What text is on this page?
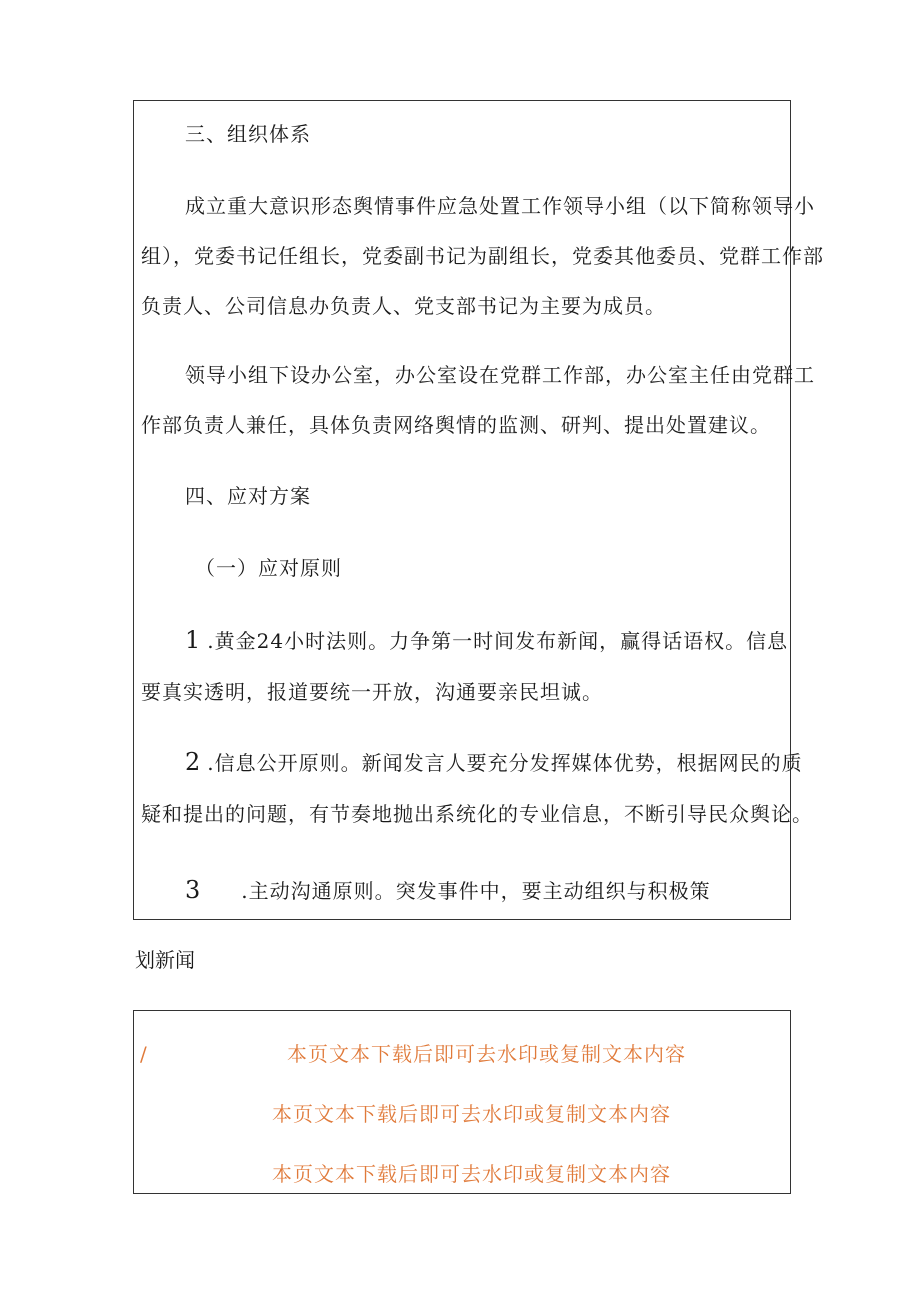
三、组织体系
成立重大意识形态舆情事件应急处置工作领导小组（以下简称领导小
组），党委书记任组长，党委副书记为副组长，党委其他委员、党群工作部
负责人、公司信息办负责人、党支部书记为主要为成员。
领导小组下设办公室，办公室设在党群工作部，办公室主任由党群工
作部负责人兼任，具体负责网络舆情的监测、研判、提出处置建议。
四、应对方案
（一）应对原则
1 .黄金24小时法则。力争第一时间发布新闻，赢得话语权。信息
要真实透明，报道要统一开放，沟通要亲民坦诚。
2 .信息公开原则。新闻发言人要充分发挥媒体优势，根据网民的质
疑和提出的问题，有节奏地抛出系统化的专业信息，不断引导民众舆论。
3 .主动沟通原则。突发事件中，要主动组织与积极策
划新闻
/	本页文本下载后即可去水印或复制文本内容
本页文本下载后即可去水印或复制文本内容
本页文本下载后即可去水印或复制文本内容
